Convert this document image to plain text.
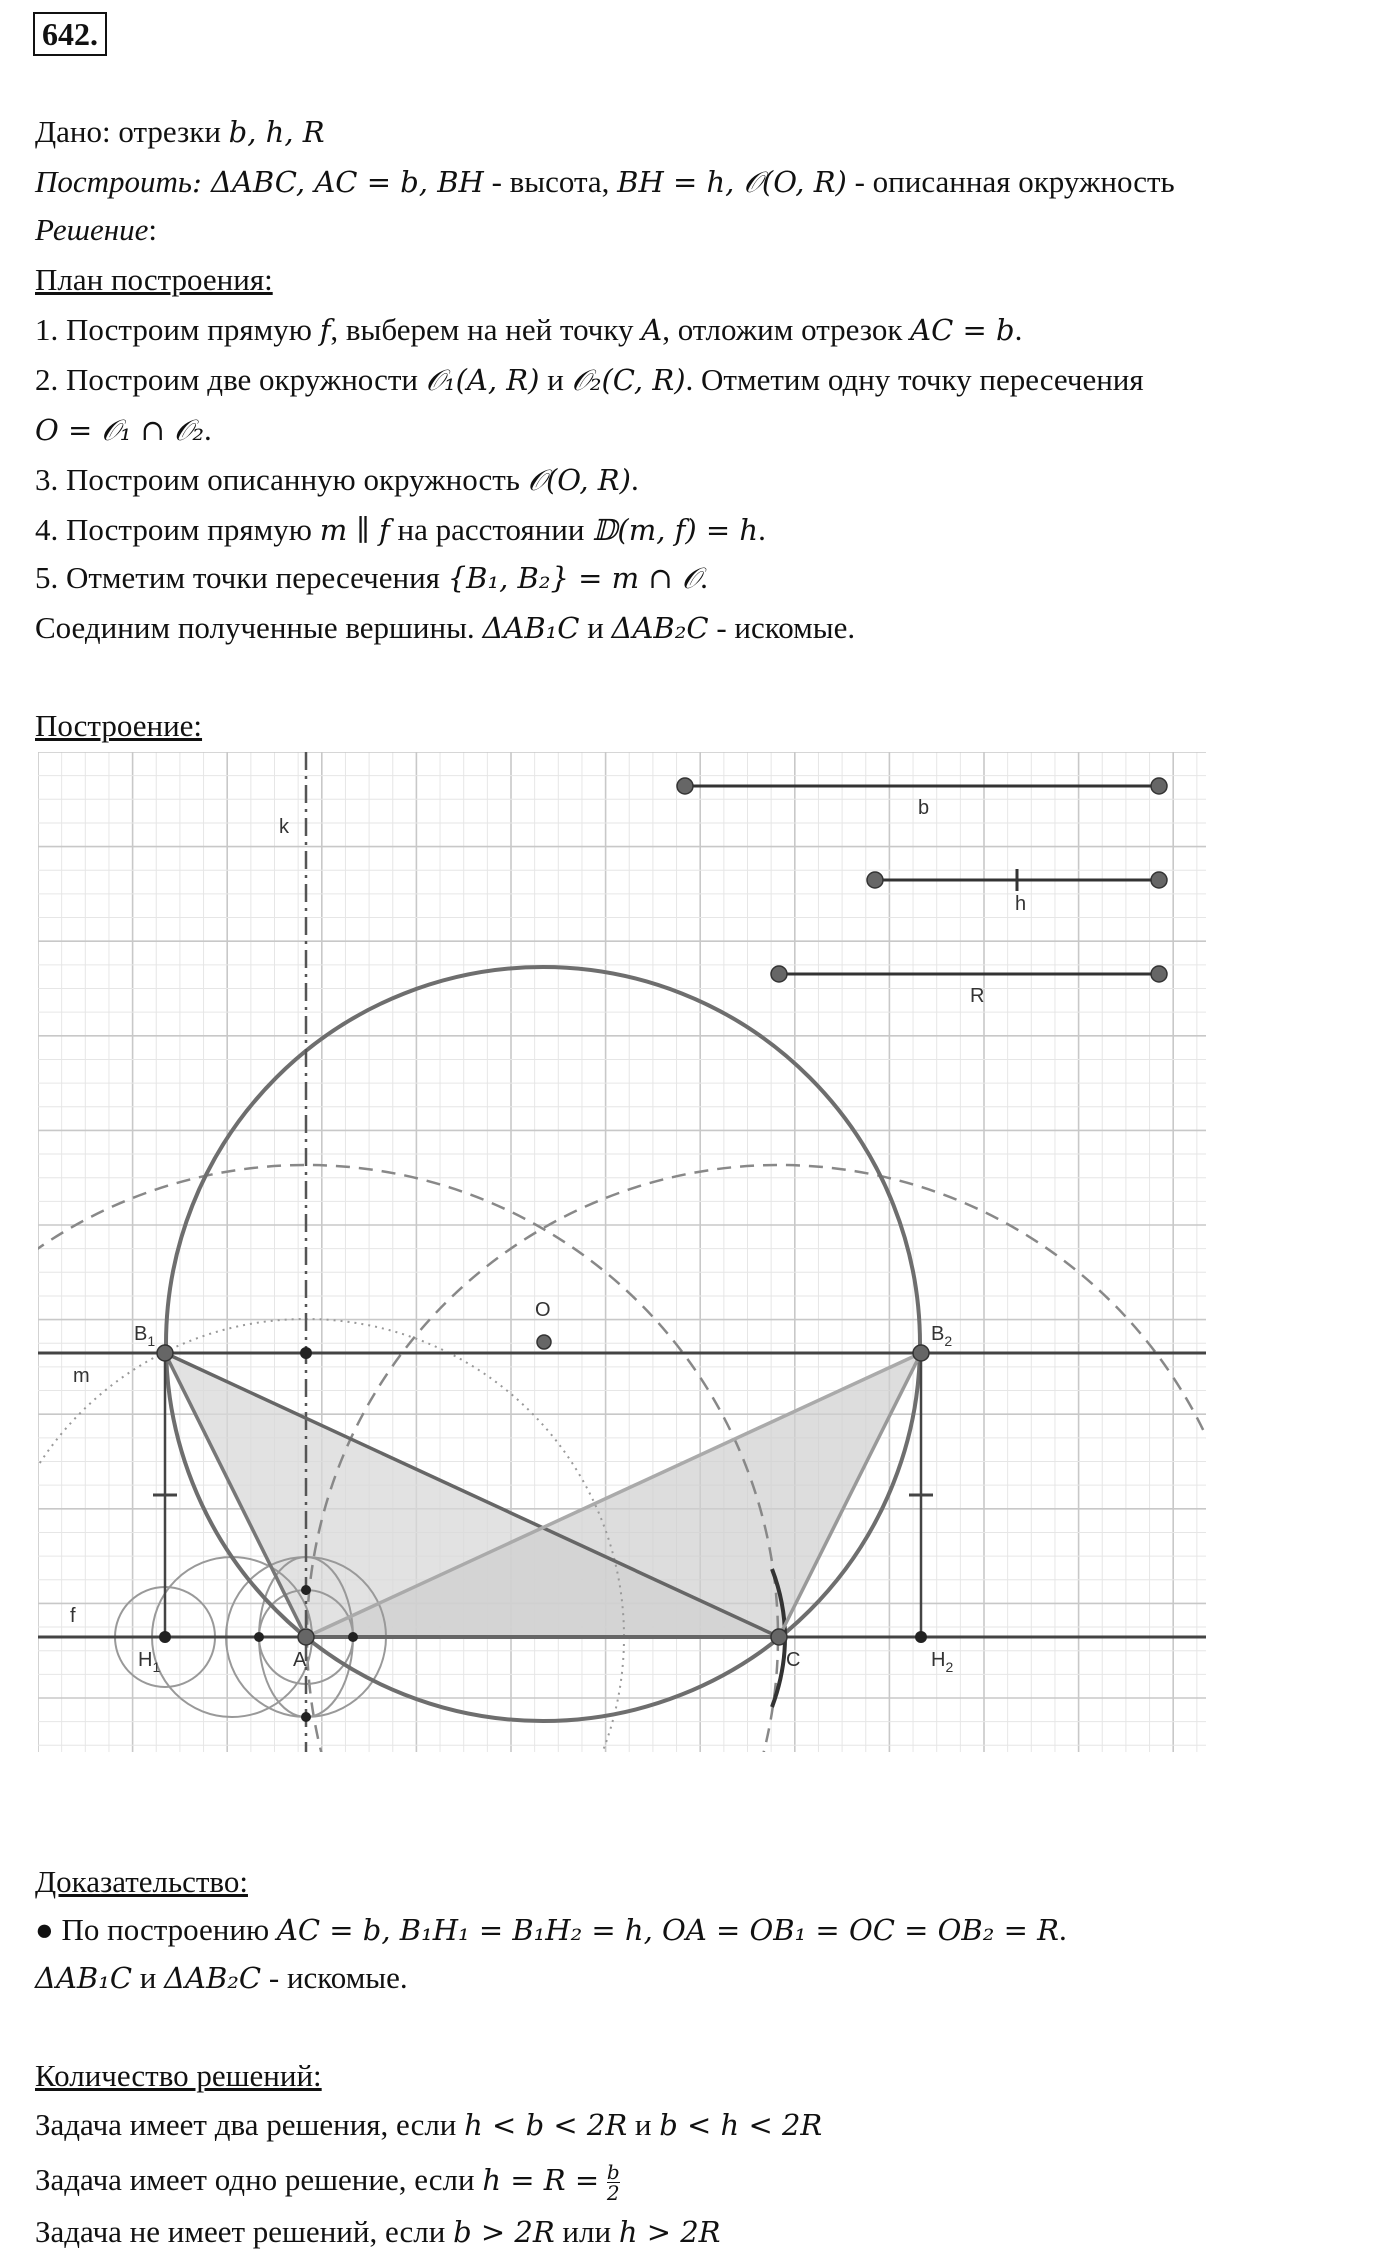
642.
Дано: отрезки b, h, R
Построить: ΔABC, AC = b, BH - высота, BH = h, 𝒪(O, R) - описанная окружность
Решение:
План построения:
1. Построим прямую f, выберем на ней точку A, отложим отрезок AC = b.
2. Построим две окружности 𝒪₁(A, R) и 𝒪₂(C, R). Отметим одну точку пересечения
O = 𝒪₁ ∩ 𝒪₂.
3. Построим описанную окружность 𝒪(O, R).
4. Построим прямую m ∥ f на расстоянии 𝔻(m, f) = h.
5. Отметим точки пересечения {B₁, B₂} = m ∩ 𝒪.
Соединим полученные вершины. ΔAB₁C и ΔAB₂C - искомые.
Построение:
b
h
R
k
O
$B_1$	$B_2$
m
f
A	C
$H_1$	$H_2$
Доказательство:
● По построению AC = b, B₁H₁ = B₁H₂ = h, OA = OB₁ = OC = OB₂ = R.
ΔAB₁C и ΔAB₂C - искомые.
Количество решений:
Задача имеет два решения, если h < b < 2R и b < h < 2R
Задача имеет одно решение, если $h = R = \frac{b}{2}$
Задача не имеет решений, если b > 2R или h > 2R
